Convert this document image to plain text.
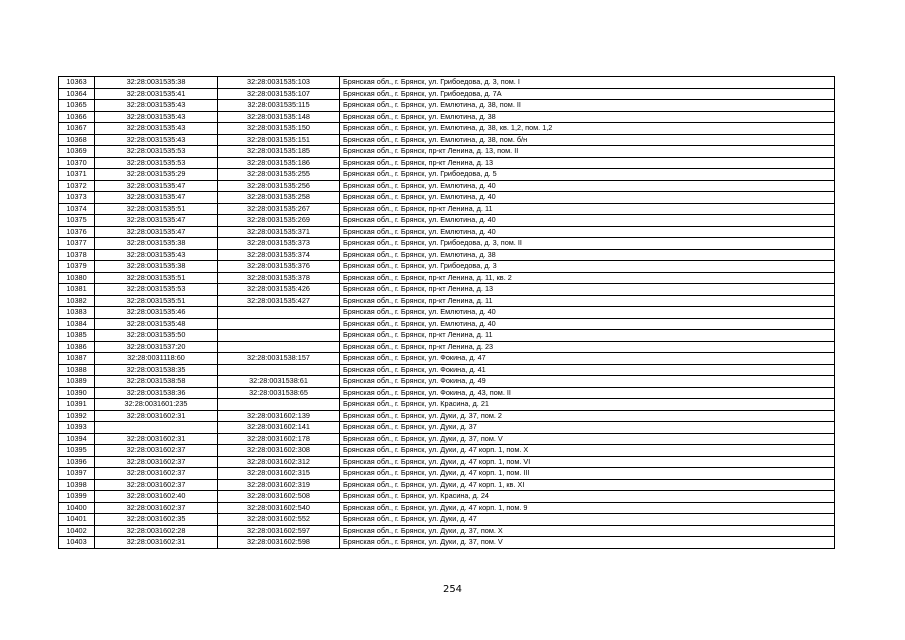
10363	32:28:0031535:38	32:28:0031535:103	Брянская обл., г. Брянск, ул. Грибоедова, д. 3, пом. I
10364	32:28:0031535:41	32:28:0031535:107	Брянская обл., г. Брянск, ул. Грибоедова, д. 7А
10365	32:28:0031535:43	32:28:0031535:115	Брянская обл., г. Брянск, ул. Емлютина, д. 38, пом. II
10366	32:28:0031535:43	32:28:0031535:148	Брянская обл., г. Брянск, ул. Емлютина, д. 38
10367	32:28:0031535:43	32:28:0031535:150	Брянская обл., г. Брянск, ул. Емлютина, д. 38, кв. 1,2, пом. 1,2
10368	32:28:0031535:43	32:28:0031535:151	Брянская обл., г. Брянск, ул. Емлютина, д. 38, пом. б/н
10369	32:28:0031535:53	32:28:0031535:185	Брянская обл., г. Брянск, пр-кт Ленина, д. 13, пом. II
10370	32:28:0031535:53	32:28:0031535:186	Брянская обл., г. Брянск, пр-кт Ленина, д. 13
10371	32:28:0031535:29	32:28:0031535:255	Брянская обл., г. Брянск, ул. Грибоедова, д. 5
10372	32:28:0031535:47	32:28:0031535:256	Брянская обл., г. Брянск, ул. Емлютина, д. 40
10373	32:28:0031535:47	32:28:0031535:258	Брянская обл., г. Брянск, ул. Емлютина, д. 40
10374	32:28:0031535:51	32:28:0031535:267	Брянская обл., г. Брянск, пр-кт Ленина, д. 11
10375	32:28:0031535:47	32:28:0031535:269	Брянская обл., г. Брянск, ул. Емлютина, д. 40
10376	32:28:0031535:47	32:28:0031535:371	Брянская обл., г. Брянск, ул. Емлютина, д. 40
10377	32:28:0031535:38	32:28:0031535:373	Брянская обл., г. Брянск, ул. Грибоедова, д. 3, пом. II
10378	32:28:0031535:43	32:28:0031535:374	Брянская обл., г. Брянск, ул. Емлютина, д. 38
10379	32:28:0031535:38	32:28:0031535:376	Брянская обл., г. Брянск, ул. Грибоедова, д. 3
10380	32:28:0031535:51	32:28:0031535:378	Брянская обл., г. Брянск, пр-кт Ленина, д. 11, кв. 2
10381	32:28:0031535:53	32:28:0031535:426	Брянская обл., г. Брянск, пр-кт Ленина, д. 13
10382	32:28:0031535:51	32:28:0031535:427	Брянская обл., г. Брянск, пр-кт Ленина, д. 11
10383	32:28:0031535:46		Брянская обл., г. Брянск, ул. Емлютина, д. 40
10384	32:28:0031535:48		Брянская обл., г. Брянск, ул. Емлютина, д. 40
10385	32:28:0031535:50		Брянская обл., г. Брянск, пр-кт Ленина, д. 11
10386	32:28:0031537:20		Брянская обл., г. Брянск, пр-кт Ленина, д. 23
10387	32:28:0031118:60	32:28:0031538:157	Брянская обл., г. Брянск, ул. Фокина, д. 47
10388	32:28:0031538:35		Брянская обл., г. Брянск, ул. Фокина, д. 41
10389	32:28:0031538:58	32:28:0031538:61	Брянская обл., г. Брянск, ул. Фокина, д. 49
10390	32:28:0031538:36	32:28:0031538:65	Брянская обл., г. Брянск, ул. Фокина, д. 43, пом. II
10391	32:28:0031601:235		Брянская обл., г. Брянск, ул. Красина, д. 21
10392	32:28:0031602:31	32:28:0031602:139	Брянская обл., г. Брянск, ул. Дуки, д. 37, пом. 2
10393		32:28:0031602:141	Брянская обл., г. Брянск, ул. Дуки, д. 37
10394	32:28:0031602:31	32:28:0031602:178	Брянская обл., г. Брянск, ул. Дуки, д. 37, пом. V
10395	32:28:0031602:37	32:28:0031602:308	Брянская обл., г. Брянск, ул. Дуки, д. 47 корп. 1, пом. X
10396	32:28:0031602:37	32:28:0031602:312	Брянская обл., г. Брянск, ул. Дуки, д. 47 корп. 1, пом. VI
10397	32:28:0031602:37	32:28:0031602:315	Брянская обл., г. Брянск, ул. Дуки, д. 47 корп. 1, пом. III
10398	32:28:0031602:37	32:28:0031602:319	Брянская обл., г. Брянск, ул. Дуки, д. 47 корп. 1, кв. XI
10399	32:28:0031602:40	32:28:0031602:508	Брянская обл., г. Брянск, ул. Красина, д. 24
10400	32:28:0031602:37	32:28:0031602:540	Брянская обл., г. Брянск, ул. Дуки, д. 47 корп. 1, пом. 9
10401	32:28:0031602:35	32:28:0031602:552	Брянская обл., г. Брянск, ул. Дуки, д. 47
10402	32:28:0031602:28	32:28:0031602:597	Брянская обл., г. Брянск, ул. Дуки, д. 37, пом. X
10403	32:28:0031602:31	32:28:0031602:598	Брянская обл., г. Брянск, ул. Дуки, д. 37, пом. V
254
